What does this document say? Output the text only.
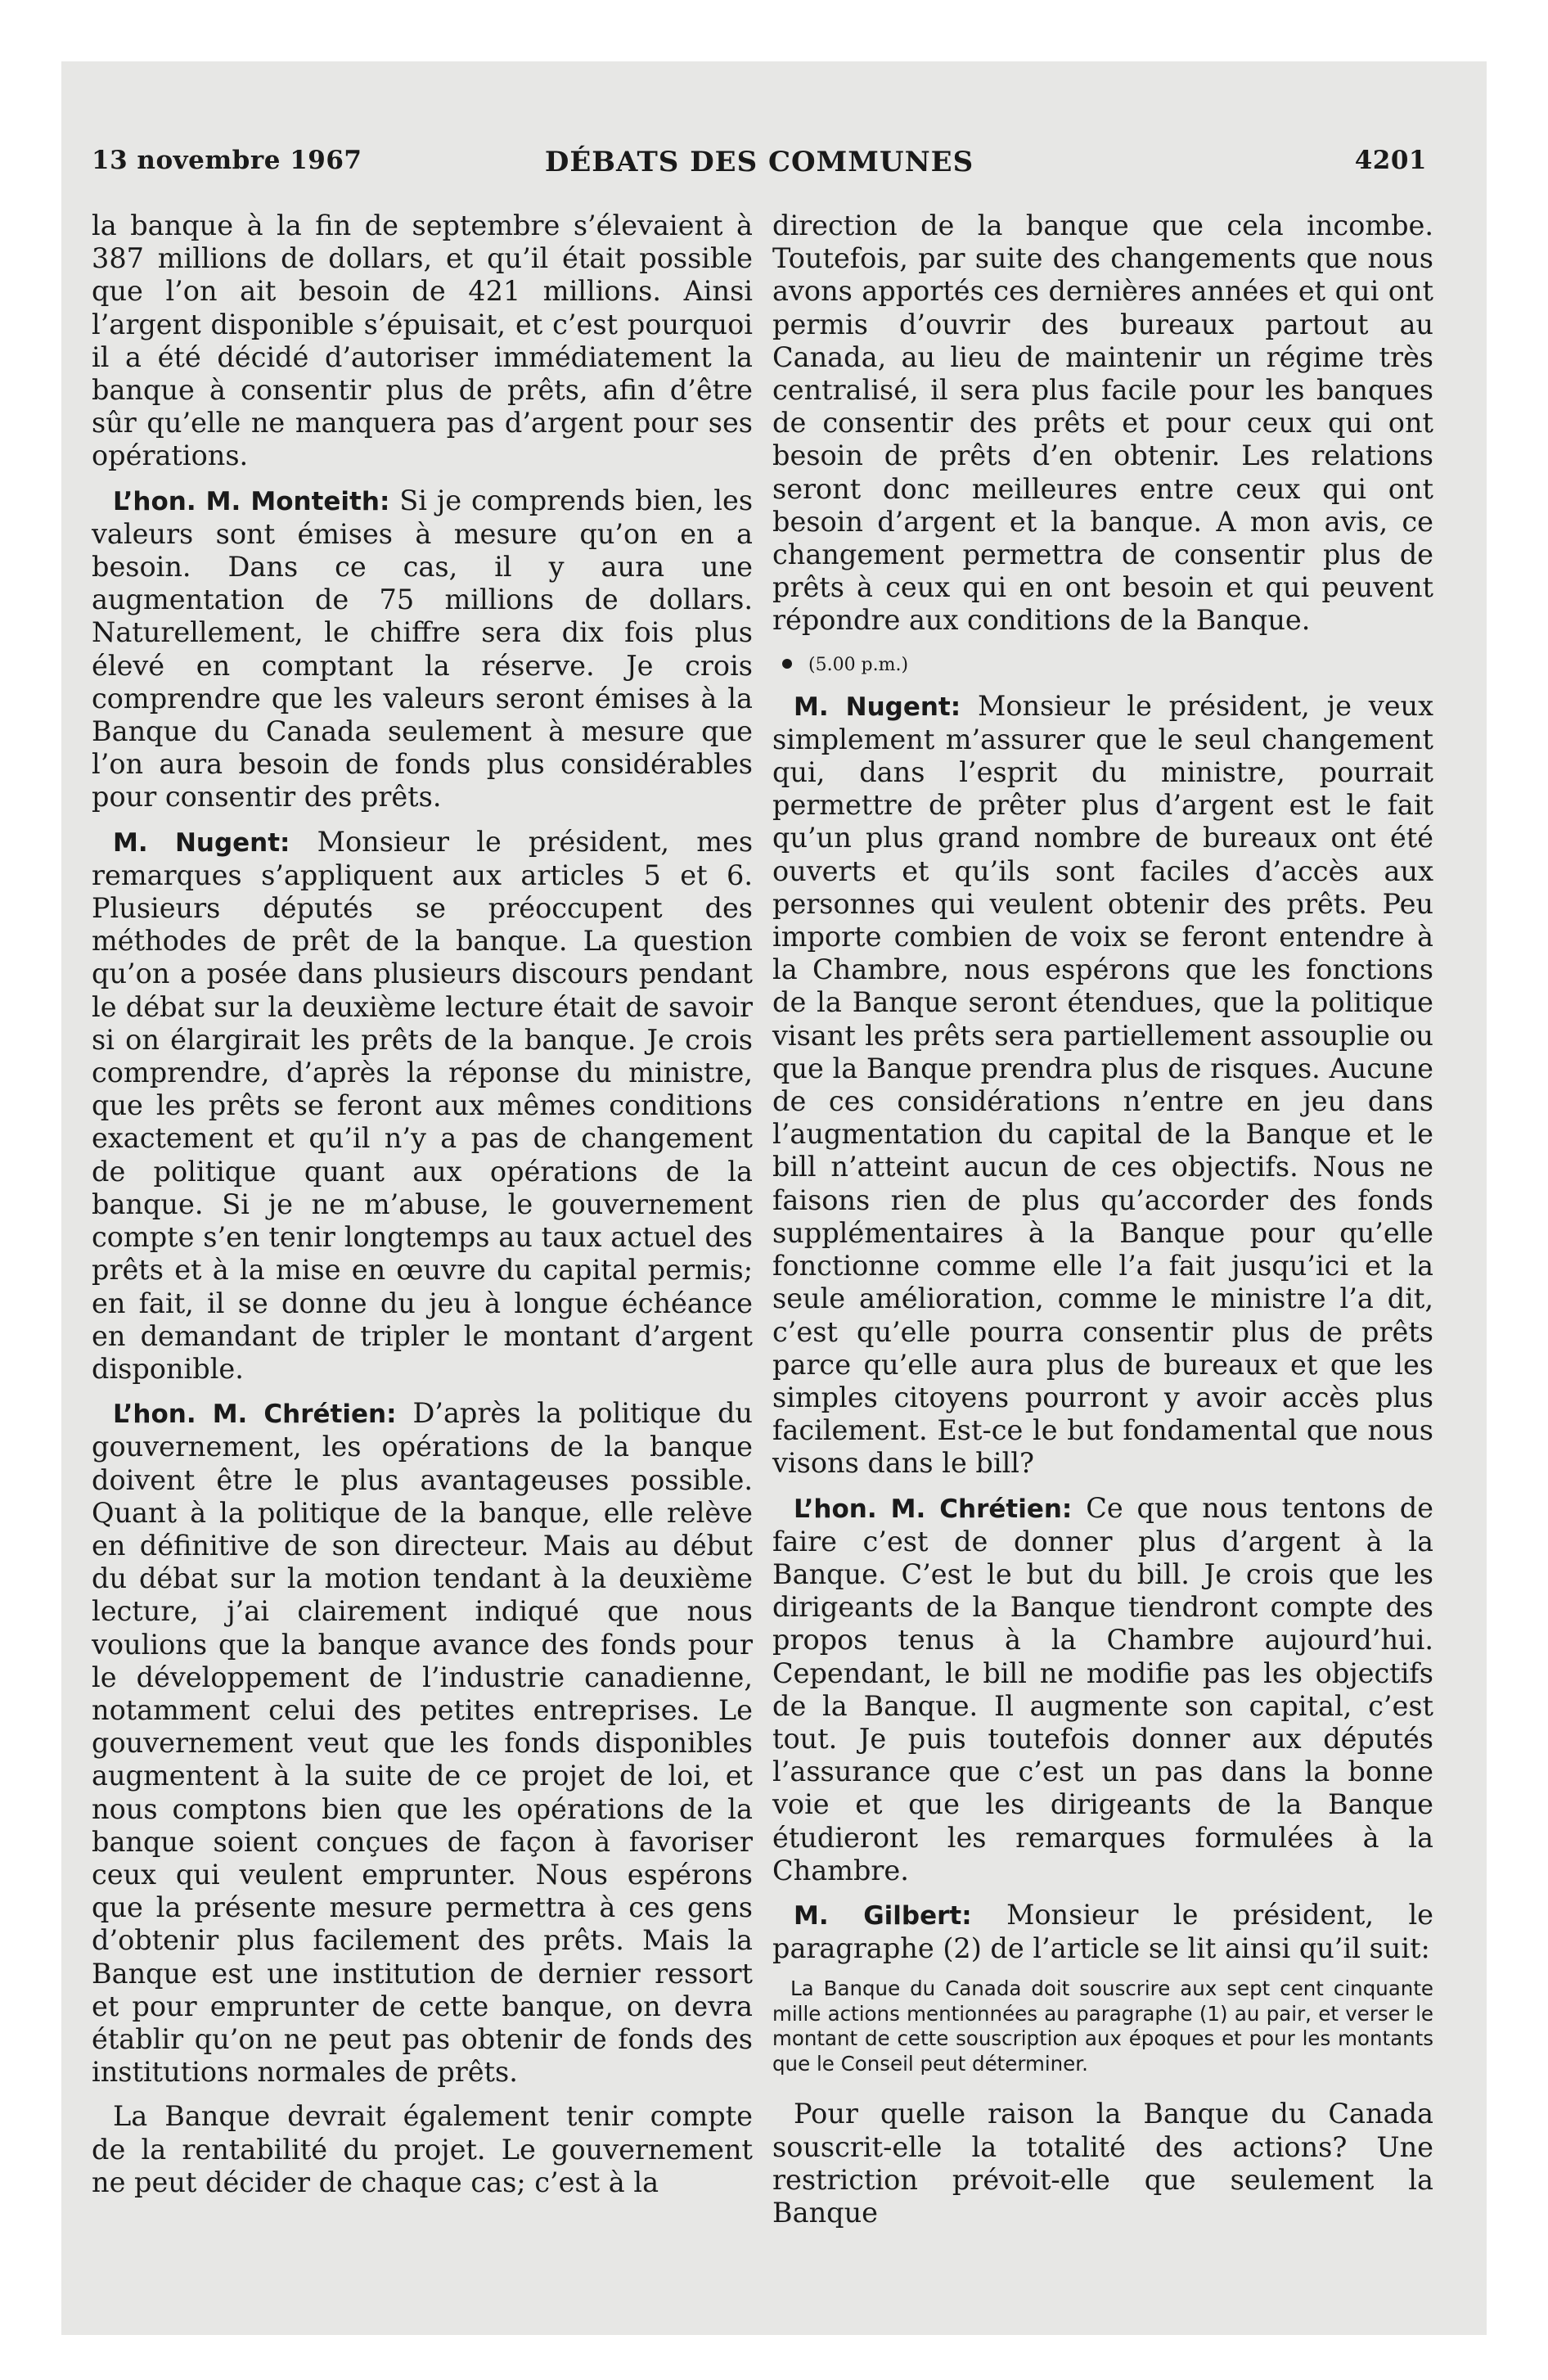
13 novembre 1967	DÉBATS DES COMMUNES	4201

la banque à la fin de septembre s’élevaient à 387 millions de dollars, et qu’il était possible que l’on ait besoin de 421 millions. Ainsi l’argent disponible s’épuisait, et c’est pourquoi il a été décidé d’autoriser immédiatement la banque à consentir plus de prêts, afin d’être sûr qu’elle ne manquera pas d’argent pour ses opérations.

L’hon. M. Monteith: Si je comprends bien, les valeurs sont émises à mesure qu’on en a besoin. Dans ce cas, il y aura une augmentation de 75 millions de dollars. Naturellement, le chiffre sera dix fois plus élevé en comptant la réserve. Je crois comprendre que les valeurs seront émises à la Banque du Canada seulement à mesure que l’on aura besoin de fonds plus considérables pour consentir des prêts.

M. Nugent: Monsieur le président, mes remarques s’appliquent aux articles 5 et 6. Plusieurs députés se préoccupent des méthodes de prêt de la banque. La question qu’on a posée dans plusieurs discours pendant le débat sur la deuxième lecture était de savoir si on élargirait les prêts de la banque. Je crois comprendre, d’après la réponse du ministre, que les prêts se feront aux mêmes conditions exactement et qu’il n’y a pas de changement de politique quant aux opérations de la banque. Si je ne m’abuse, le gouvernement compte s’en tenir longtemps au taux actuel des prêts et à la mise en œuvre du capital permis; en fait, il se donne du jeu à longue échéance en demandant de tripler le montant d’argent disponible.

L’hon. M. Chrétien: D’après la politique du gouvernement, les opérations de la banque doivent être le plus avantageuses possible. Quant à la politique de la banque, elle relève en définitive de son directeur. Mais au début du débat sur la motion tendant à la deuxième lecture, j’ai clairement indiqué que nous voulions que la banque avance des fonds pour le développement de l’industrie canadienne, notamment celui des petites entreprises. Le gouvernement veut que les fonds disponibles augmentent à la suite de ce projet de loi, et nous comptons bien que les opérations de la banque soient conçues de façon à favoriser ceux qui veulent emprunter. Nous espérons que la présente mesure permettra à ces gens d’obtenir plus facilement des prêts. Mais la Banque est une institution de dernier ressort et pour emprunter de cette banque, on devra établir qu’on ne peut pas obtenir de fonds des institutions normales de prêts.

La Banque devrait également tenir compte de la rentabilité du projet. Le gouvernement ne peut décider de chaque cas; c’est à la

direction de la banque que cela incombe. Toutefois, par suite des changements que nous avons apportés ces dernières années et qui ont permis d’ouvrir des bureaux partout au Canada, au lieu de maintenir un régime très centralisé, il sera plus facile pour les banques de consentir des prêts et pour ceux qui ont besoin de prêts d’en obtenir. Les relations seront donc meilleures entre ceux qui ont besoin d’argent et la banque. A mon avis, ce changement permettra de consentir plus de prêts à ceux qui en ont besoin et qui peuvent répondre aux conditions de la Banque.

(5.00 p.m.)

M. Nugent: Monsieur le président, je veux simplement m’assurer que le seul changement qui, dans l’esprit du ministre, pourrait permettre de prêter plus d’argent est le fait qu’un plus grand nombre de bureaux ont été ouverts et qu’ils sont faciles d’accès aux personnes qui veulent obtenir des prêts. Peu importe combien de voix se feront entendre à la Chambre, nous espérons que les fonctions de la Banque seront étendues, que la politique visant les prêts sera partiellement assouplie ou que la Banque prendra plus de risques. Aucune de ces considérations n’entre en jeu dans l’augmentation du capital de la Banque et le bill n’atteint aucun de ces objectifs. Nous ne faisons rien de plus qu’accorder des fonds supplémentaires à la Banque pour qu’elle fonctionne comme elle l’a fait jusqu’ici et la seule amélioration, comme le ministre l’a dit, c’est qu’elle pourra consentir plus de prêts parce qu’elle aura plus de bureaux et que les simples citoyens pourront y avoir accès plus facilement. Est-ce le but fondamental que nous visons dans le bill?

L’hon. M. Chrétien: Ce que nous tentons de faire c’est de donner plus d’argent à la Banque. C’est le but du bill. Je crois que les dirigeants de la Banque tiendront compte des propos tenus à la Chambre aujourd’hui. Cependant, le bill ne modifie pas les objectifs de la Banque. Il augmente son capital, c’est tout. Je puis toutefois donner aux députés l’assurance que c’est un pas dans la bonne voie et que les dirigeants de la Banque étudieront les remarques formulées à la Chambre.

M. Gilbert: Monsieur le président, le paragraphe (2) de l’article se lit ainsi qu’il suit:

La Banque du Canada doit souscrire aux sept cent cinquante mille actions mentionnées au paragraphe (1) au pair, et verser le montant de cette souscription aux époques et pour les montants que le Conseil peut déterminer.

Pour quelle raison la Banque du Canada souscrit-elle la totalité des actions? Une restriction prévoit-elle que seulement la Banque
